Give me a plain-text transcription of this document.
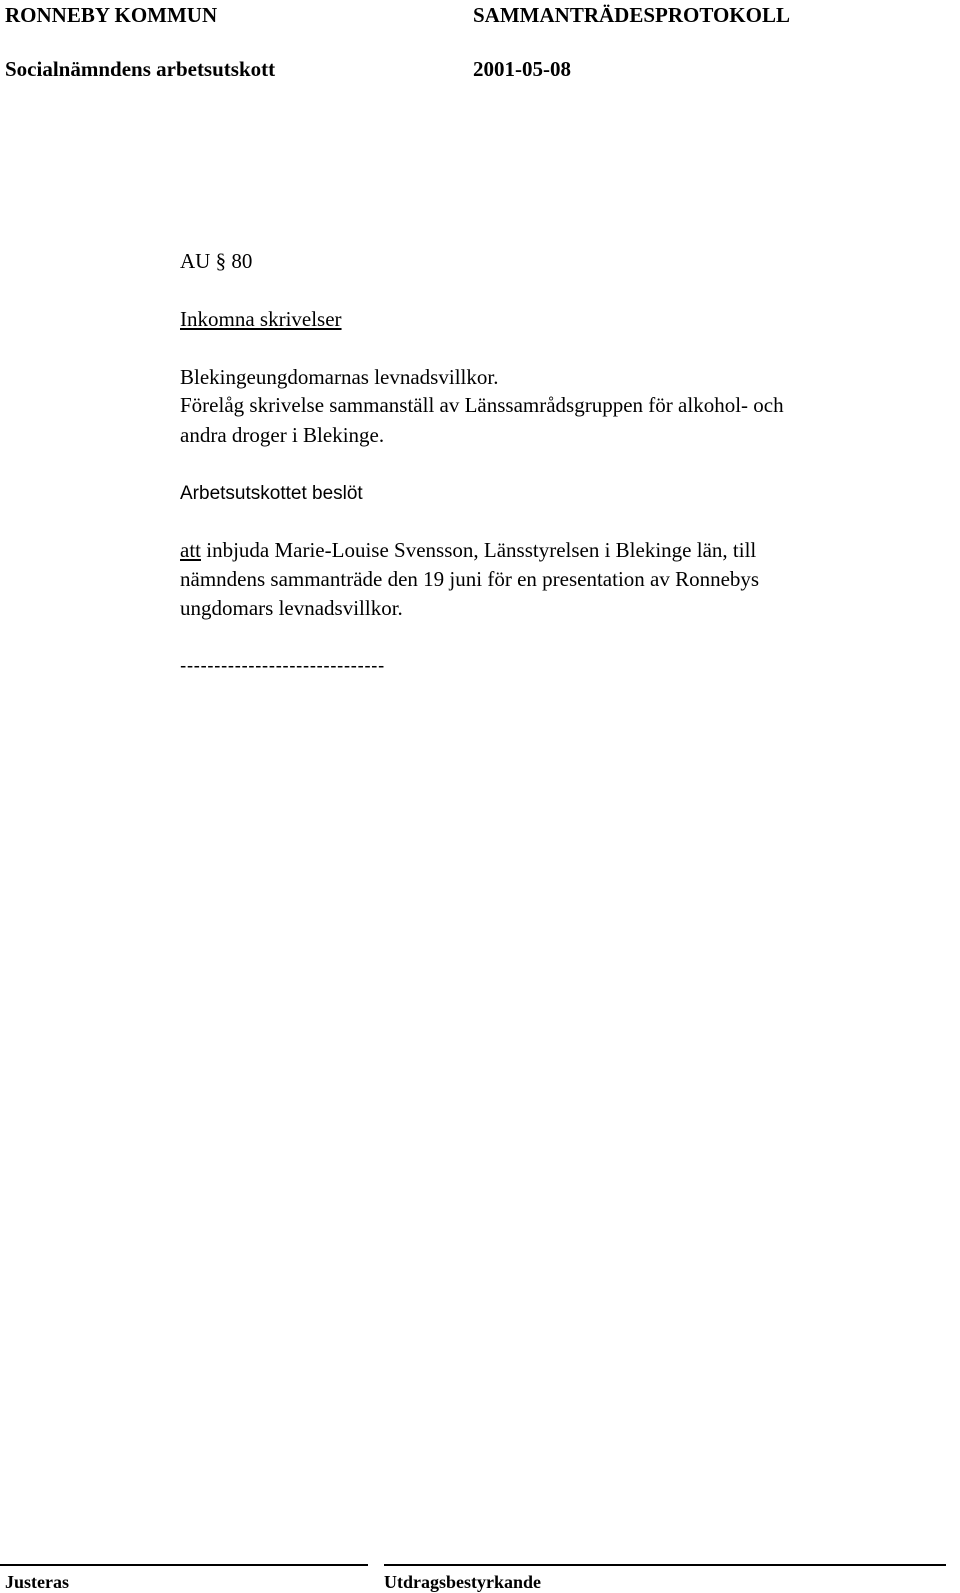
RONNEBY KOMMUN	SAMMANTRÄDESPROTOKOLL
Socialnämndens arbetsutskott	2001-05-08
AU § 80
Inkomna skrivelser
Blekingeungdomarnas levnadsvillkor.
Förelåg skrivelse sammanställ av Länssamrådsgruppen för alkohol- och
andra droger i Blekinge.
Arbetsutskottet beslöt
att inbjuda Marie-Louise Svensson, Länsstyrelsen i Blekinge län, till
nämndens sammanträde den 19 juni för en presentation av Ronnebys
ungdomars levnadsvillkor.
------------------------------
Justeras	Utdragsbestyrkande
